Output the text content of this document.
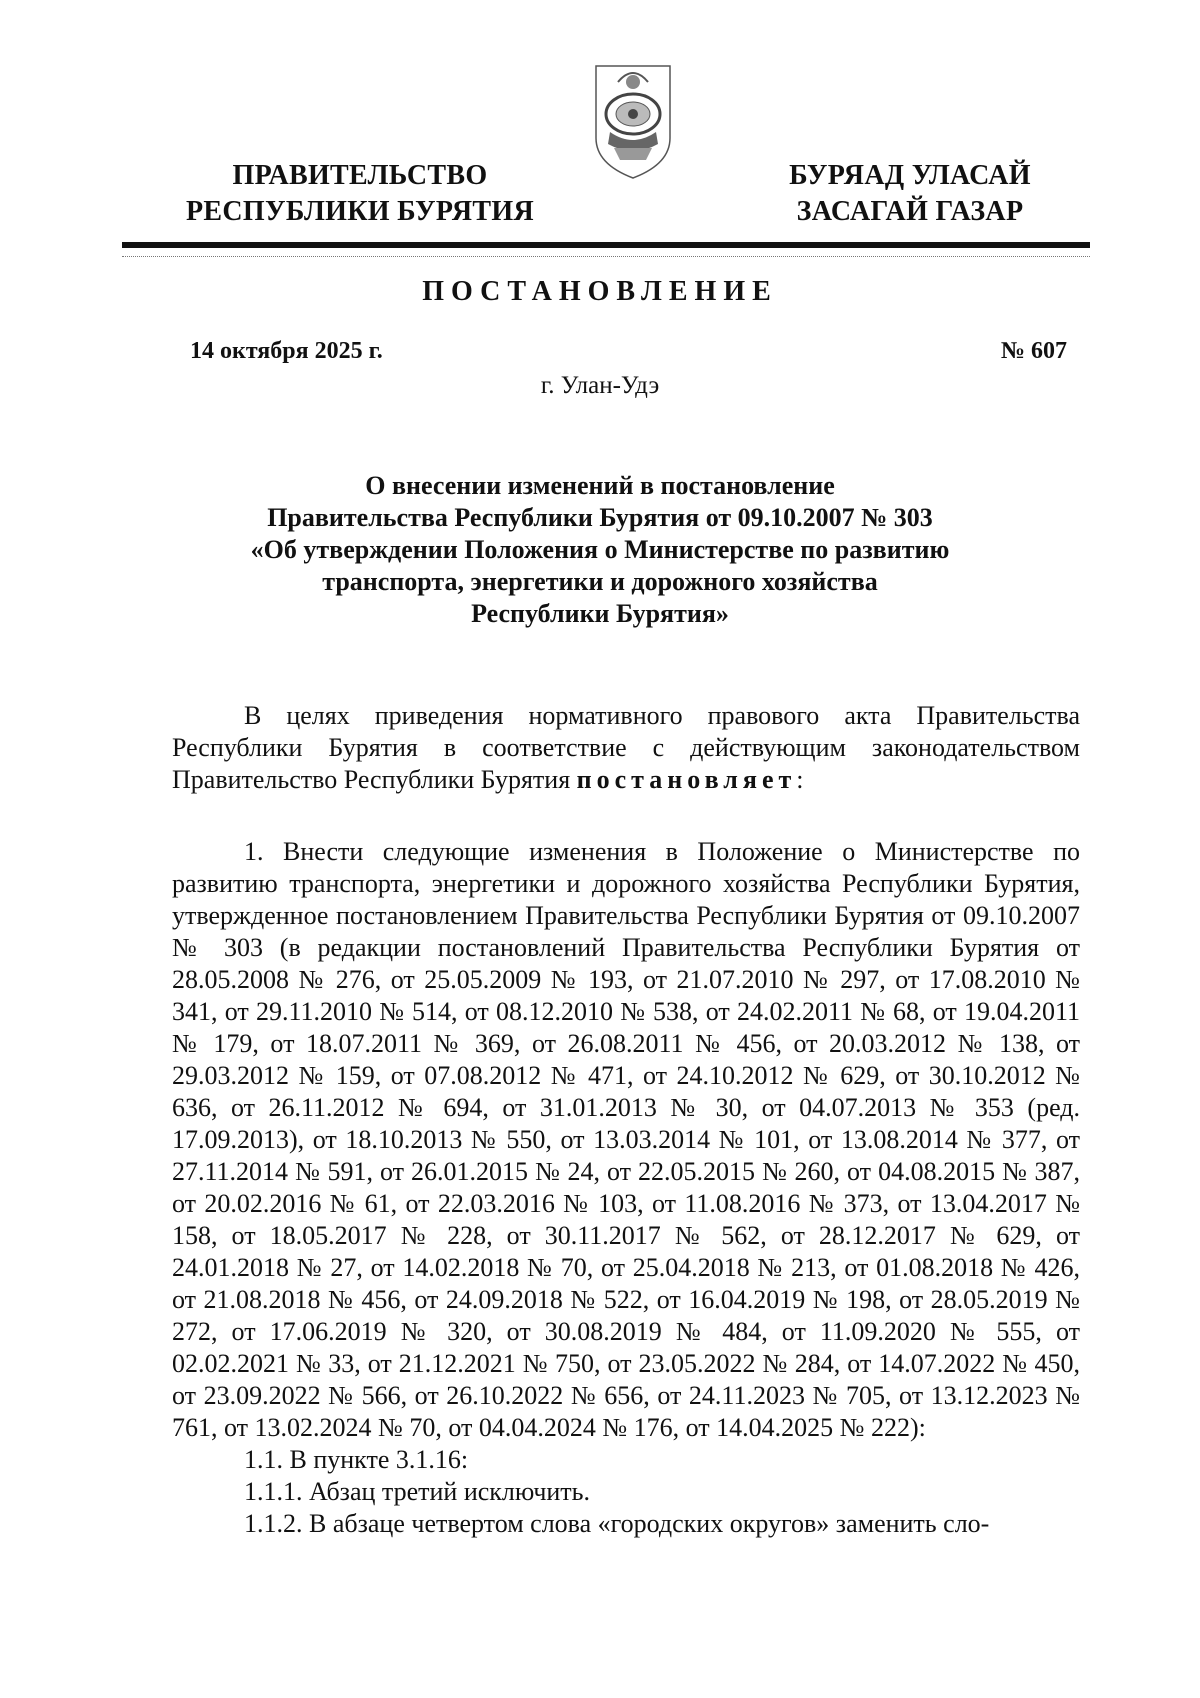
ПРАВИТЕЛЬСТВО
РЕСПУБЛИКИ БУРЯТИЯ
БУРЯАД УЛАСАЙ
ЗАСАГАЙ ГАЗАР
ПОСТАНОВЛЕНИЕ
14 октября 2025 г.	№ 607
г. Улан-Удэ
О внесении изменений в постановление
Правительства Республики Бурятия от 09.10.2007 № 303
«Об утверждении Положения о Министерстве по развитию
транспорта, энергетики и дорожного хозяйства
Республики Бурятия»

В целях приведения нормативного правового акта Правительства Республики Бурятия в соответствие с действующим законодательством Правительство Республики Бурятия постановляет:

1. Внести следующие изменения в Положение о Министерстве по развитию транспорта, энергетики и дорожного хозяйства Республики Бурятия, утвержденное постановлением Правительства Республики Бурятия от 09.10.2007 № 303 (в редакции постановлений Правительства Республики Бурятия от 28.05.2008 № 276, от 25.05.2009 № 193, от 21.07.2010 № 297, от 17.08.2010 № 341, от 29.11.2010 № 514, от 08.12.2010 № 538, от 24.02.2011 № 68, от 19.04.2011 № 179, от 18.07.2011 № 369, от 26.08.2011 № 456, от 20.03.2012 № 138, от 29.03.2012 № 159, от 07.08.2012 № 471, от 24.10.2012 № 629, от 30.10.2012 № 636, от 26.11.2012 № 694, от 31.01.2013 № 30, от 04.07.2013 № 353 (ред. 17.09.2013), от 18.10.2013 № 550, от 13.03.2014 № 101, от 13.08.2014 № 377, от 27.11.2014 № 591, от 26.01.2015 № 24, от 22.05.2015 № 260, от 04.08.2015 № 387, от 20.02.2016 № 61, от 22.03.2016 № 103, от 11.08.2016 № 373, от 13.04.2017 № 158, от 18.05.2017 № 228, от 30.11.2017 № 562, от 28.12.2017 № 629, от 24.01.2018 № 27, от 14.02.2018 № 70, от 25.04.2018 № 213, от 01.08.2018 № 426, от 21.08.2018 № 456, от 24.09.2018 № 522, от 16.04.2019 № 198, от 28.05.2019 № 272, от 17.06.2019 № 320, от 30.08.2019 № 484, от 11.09.2020 № 555, от 02.02.2021 № 33, от 21.12.2021 № 750, от 23.05.2022 № 284, от 14.07.2022 № 450, от 23.09.2022 № 566, от 26.10.2022 № 656, от 24.11.2023 № 705, от 13.12.2023 № 761, от 13.02.2024 № 70, от 04.04.2024 № 176, от 14.04.2025 № 222):

1.1. В пункте 3.1.16:
1.1.1. Абзац третий исключить.
1.1.2. В абзаце четвертом слова «городских округов» заменить сло-
